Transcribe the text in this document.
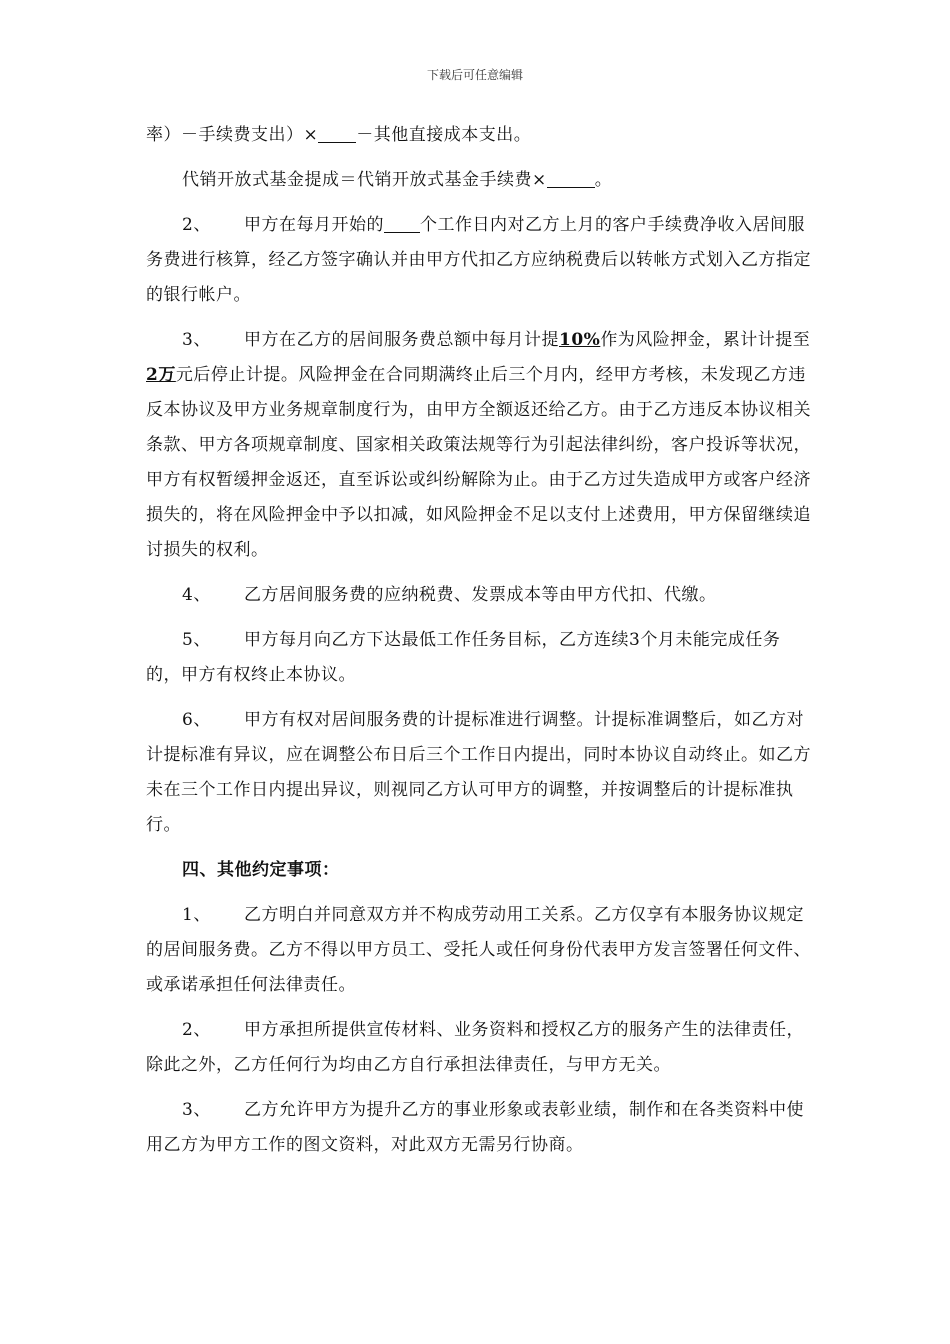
下载后可任意编辑

率）－手续费支出）× －其他直接成本支出。

代销开放式基金提成＝代销开放式基金手续费×	。

2、 甲方在每月开始的 个工作日内对乙方上月的客户手续费净收入居间服务费进行核算，经乙方签字确认并由甲方代扣乙方应纳税费后以转帐方式划入乙方指定的银行帐户。

3、 甲方在乙方的居间服务费总额中每月计提10%作为风险押金，累计计提至2万元后停止计提。风险押金在合同期满终止后三个月内，经甲方考核，未发现乙方违反本协议及甲方业务规章制度行为，由甲方全额返还给乙方。由于乙方违反本协议相关条款、甲方各项规章制度、国家相关政策法规等行为引起法律纠纷，客户投诉等状况，甲方有权暂缓押金返还，直至诉讼或纠纷解除为止。由于乙方过失造成甲方或客户经济损失的，将在风险押金中予以扣减，如风险押金不足以支付上述费用，甲方保留继续追讨损失的权利。

4、 乙方居间服务费的应纳税费、发票成本等由甲方代扣、代缴。

5、 甲方每月向乙方下达最低工作任务目标，乙方连续3个月未能完成任务的，甲方有权终止本协议。

6、 甲方有权对居间服务费的计提标准进行调整。计提标准调整后，如乙方对计提标准有异议，应在调整公布日后三个工作日内提出，同时本协议自动终止。如乙方未在三个工作日内提出异议，则视同乙方认可甲方的调整，并按调整后的计提标准执行。

四、其他约定事项：

1、 乙方明白并同意双方并不构成劳动用工关系。乙方仅享有本服务协议规定的居间服务费。乙方不得以甲方员工、受托人或任何身份代表甲方发言签署任何文件、或承诺承担任何法律责任。

2、 甲方承担所提供宣传材料、业务资料和授权乙方的服务产生的法律责任，除此之外，乙方任何行为均由乙方自行承担法律责任，与甲方无关。

3、 乙方允许甲方为提升乙方的事业形象或表彰业绩，制作和在各类资料中使用乙方为甲方工作的图文资料，对此双方无需另行协商。
